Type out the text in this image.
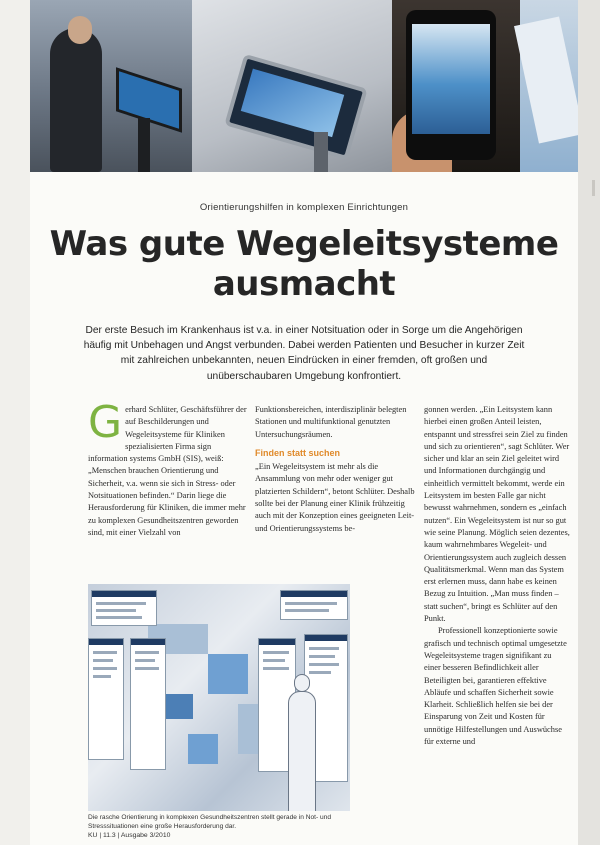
Orientierungshilfen in komplexen Einrichtungen
Was gute Wegeleitsysteme ausmacht
Der erste Besuch im Krankenhaus ist v.a. in einer Notsituation oder in Sorge um die Angehörigen häufig mit Unbehagen und Angst verbunden. Dabei werden Patienten und Besucher in kurzer Zeit mit zahlreichen unbekannten, neuen Eindrücken in einer fremden, oft großen und unüberschaubaren Umgebung konfrontiert.
G erhard Schlüter, Geschäftsführer der auf Beschilderungen und Wegeleitsysteme für Kliniken spezialisierten Firma sign information systems GmbH (SIS), weiß: „Menschen brauchen Orientierung und Sicherheit, v.a. wenn sie sich in Stress- oder Notsituationen befinden.“ Darin liege die Herausforderung für Kliniken, die immer mehr zu komplexen Gesundheitszentren geworden sind, mit einer Vielzahl von

Funktionsbereichen, interdisziplinär belegten Stationen und multifunktional genutzten Untersuchungsräumen.

Finden statt suchen

„Ein Wegeleitsystem ist mehr als die Ansammlung von mehr oder weniger gut platzierten Schildern“, betont Schlüter. Deshalb sollte bei der Planung einer Klinik frühzeitig auch mit der Konzeption eines geeigneten Leit- und Orientierungssystems be-

gonnen werden. „Ein Leitsystem kann hierbei einen großen Anteil leisten, entspannt und stressfrei sein Ziel zu finden und sich zu orientieren“, sagt Schlüter. Wer sicher und klar an sein Ziel geleitet wird und Informationen durchgängig und einheitlich vermittelt bekommt, werde ein Leitsystem im besten Falle gar nicht bewusst wahrnehmen, sondern es „einfach nutzen“. Ein Wegeleitsystem ist nur so gut wie seine Planung. Möglich seien dezentes, kaum wahrnehmbares Wegeleit- und Orientierungssystem auch zugleich dessen Qualitätsmerkmal. Wenn man das System erst erlernen muss, dann habe es keinen Bezug zu Intuition. „Man muss finden – statt suchen“, bringt es Schlüter auf den Punkt.

Professionell konzeptionierte sowie grafisch und technisch optimal umgesetzte Wegeleitsysteme tragen signifikant zu einer besseren Befindlichkeit aller Beteiligten bei, garantieren effektive Abläufe und schaffen Sicherheit sowie Klarheit. Schließlich helfen sie bei der Einsparung von Zeit und Kosten für unnötige Hilfestellungen und Auswüchse für externe und

Die rasche Orientierung in komplexen Gesundheitszentren stellt gerade in Not- und Stresssituationen eine große Herausforderung dar.
KU | 11.3 | Ausgabe 3/2010
